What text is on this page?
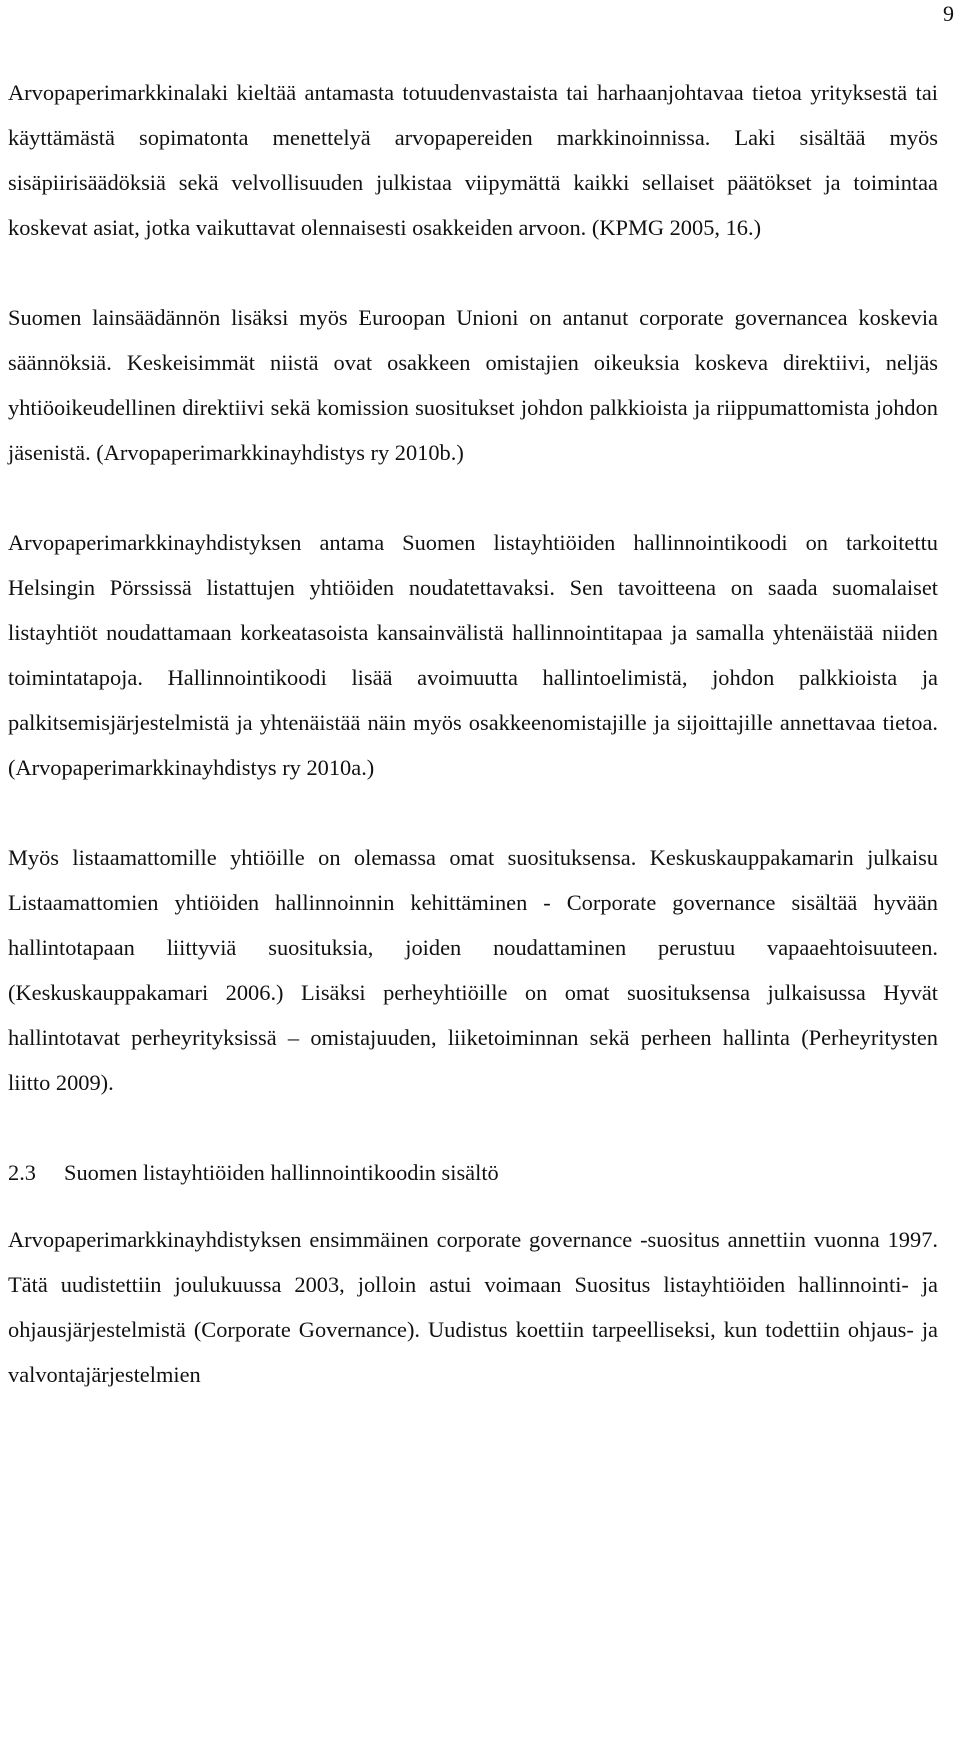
9

Arvopaperimarkkinalaki kieltää antamasta totuudenvastaista tai harhaanjohtavaa tietoa yrityksestä tai käyttämästä sopimatonta menettelyä arvopapereiden markkinoinnissa. Laki sisältää myös sisäpiirisäädöksiä sekä velvollisuuden julkistaa viipymättä kaikki sellaiset päätökset ja toimintaa koskevat asiat, jotka vaikuttavat olennaisesti osakkeiden arvoon. (KPMG 2005, 16.)

Suomen lainsäädännön lisäksi myös Euroopan Unioni on antanut corporate governancea koskevia säännöksiä. Keskeisimmät niistä ovat osakkeen omistajien oikeuksia koskeva direktiivi, neljäs yhtiöoikeudellinen direktiivi sekä komission suositukset johdon palkkioista ja riippumattomista johdon jäsenistä. (Arvopaperimarkkinayhdistys ry 2010b.)

Arvopaperimarkkinayhdistyksen antama Suomen listayhtiöiden hallinnointikoodi on tarkoitettu Helsingin Pörssissä listattujen yhtiöiden noudatettavaksi. Sen tavoitteena on saada suomalaiset listayhtiöt noudattamaan korkeatasoista kansainvälistä hallinnointitapaa ja samalla yhtenäistää niiden toimintatapoja. Hallinnointikoodi lisää avoimuutta hallintoelimistä, johdon palkkioista ja palkitsemisjärjestelmistä ja yhtenäistää näin myös osakkeenomistajille ja sijoittajille annettavaa tietoa. (Arvopaperimarkkinayhdistys ry 2010a.)

Myös listaamattomille yhtiöille on olemassa omat suosituksensa. Keskuskauppakamarin julkaisu Listaamattomien yhtiöiden hallinnoinnin kehittäminen - Corporate governance sisältää hyvään hallintotapaan liittyviä suosituksia, joiden noudattaminen perustuu vapaaehtoisuuteen. (Keskuskauppakamari 2006.) Lisäksi perheyhtiöille on omat suosituksensa julkaisussa Hyvät hallintotavat perheyrityksissä – omistajuuden, liiketoiminnan sekä perheen hallinta (Perheyritysten liitto 2009).

2.3	Suomen listayhtiöiden hallinnointikoodin sisältö

Arvopaperimarkkinayhdistyksen ensimmäinen corporate governance -suositus annettiin vuonna 1997. Tätä uudistettiin joulukuussa 2003, jolloin astui voimaan Suositus listayhtiöiden hallinnointi- ja ohjausjärjestelmistä (Corporate Governance). Uudistus koettiin tarpeelliseksi, kun todettiin ohjaus- ja valvontajärjestelmien
